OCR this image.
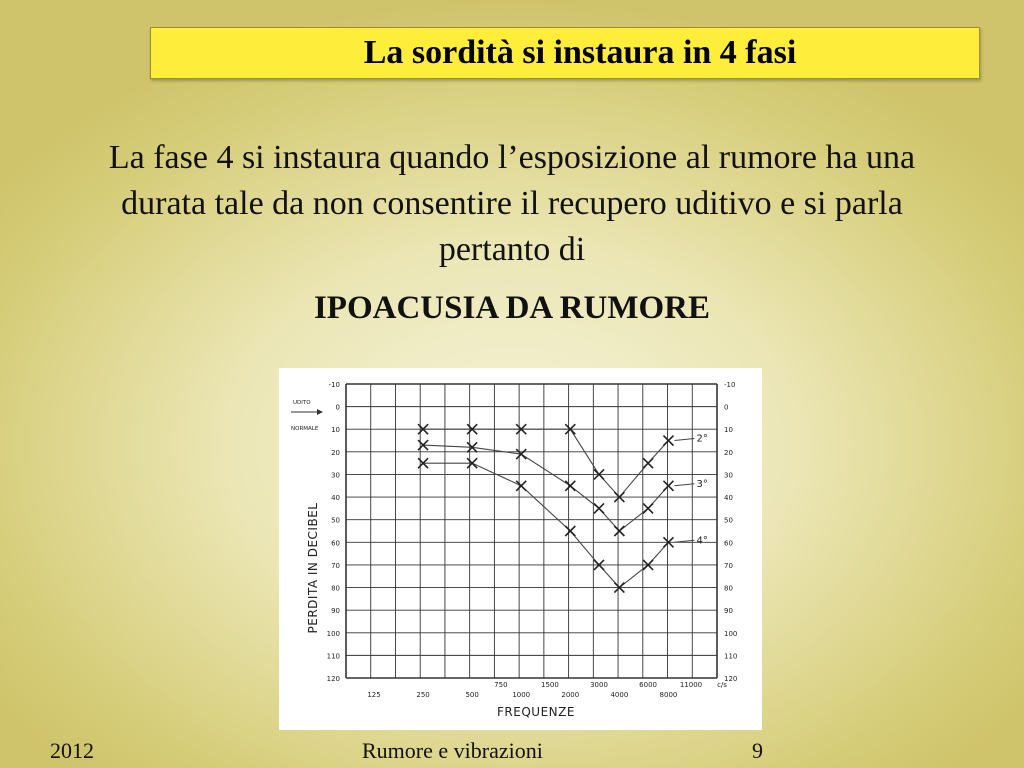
La sordità si instaura in 4 fasi
La fase 4 si instaura quando l’esposizione al rumore ha una durata tale da non consentire il recupero uditivo e si parla pertanto di
IPOACUSIA DA RUMORE
-10	-10
0	0
10	10
20	20
30	30
40	40
50	50
60	60
70	70
80	80
90	90
100	100
110	110
120	120
UDITO
NORMALE
125	250	500	1000	2000	4000	8000
750	1500	3000	6000	11000 c/s
FREQUENZE
PERDITA IN DECIBEL
2°
3°
4°
2012	Rumore e vibrazioni	9
